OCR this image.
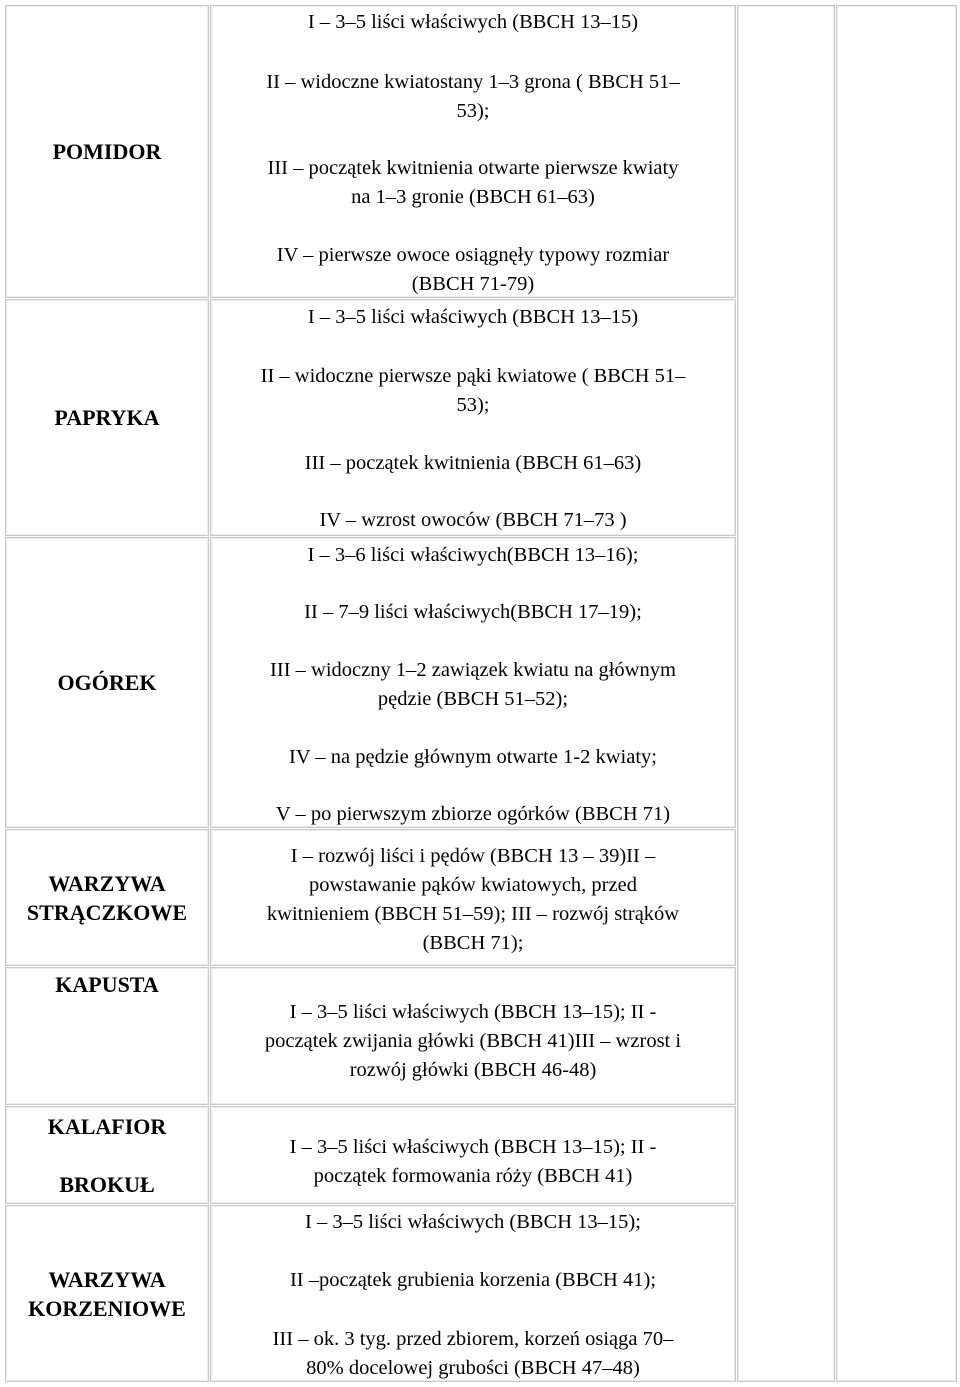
POMIDOR

I – 3–5 liści właściwych (BBCH 13–15)

II – widoczne kwiatostany 1–3 grona ( BBCH 51–

53);

III – początek kwitnienia otwarte pierwsze kwiaty

na 1–3 gronie (BBCH 61–63)

IV – pierwsze owoce osiągnęły typowy rozmiar

(BBCH 71-79)

PAPRYKA

I – 3–5 liści właściwych (BBCH 13–15)

II – widoczne pierwsze pąki kwiatowe ( BBCH 51–

53);

III – początek kwitnienia (BBCH 61–63)

IV – wzrost owoców (BBCH 71–73 )

OGÓREK

I – 3–6 liści właściwych(BBCH 13–16);

II – 7–9 liści właściwych(BBCH 17–19);

III – widoczny 1–2 zawiązek kwiatu na głównym

pędzie (BBCH 51–52);

IV – na pędzie głównym otwarte 1-2 kwiaty;

V – po pierwszym zbiorze ogórków (BBCH 71)

WARZYWA
STRĄCZKOWE

I – rozwój liści i pędów (BBCH 13 – 39)II –

powstawanie pąków kwiatowych, przed

kwitnieniem (BBCH 51–59); III – rozwój strąków

(BBCH 71);

KAPUSTA

I – 3–5 liści właściwych (BBCH 13–15); II -

początek zwijania główki (BBCH 41)III – wzrost i

rozwój główki (BBCH 46-48)

KALAFIOR
BROKUŁ

I – 3–5 liści właściwych (BBCH 13–15); II -

początek formowania róży (BBCH 41)

WARZYWA
KORZENIOWE

I – 3–5 liści właściwych (BBCH 13–15);

II –początek grubienia korzenia (BBCH 41);

III – ok. 3 tyg. przed zbiorem, korzeń osiąga 70–

80% docelowej grubości (BBCH 47–48)
